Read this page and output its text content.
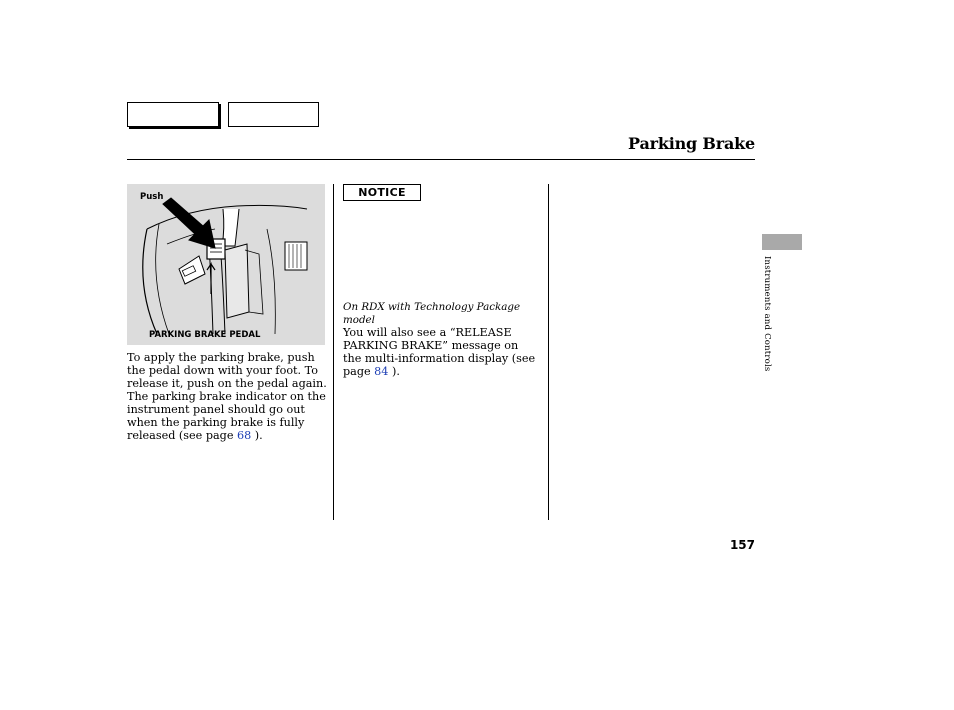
Parking Brake
Push
PARKING BRAKE PEDAL
To apply the parking brake, push the pedal down with your foot. To release it, push on the pedal again. The parking brake indicator on the instrument panel should go out when the parking brake is fully released (see page 68 ).
NOTICE
On RDX with Technology Package model
You will also see a “RELEASE PARKING BRAKE” message on the multi-information display (see page 84 ).
Instruments and Controls
157
